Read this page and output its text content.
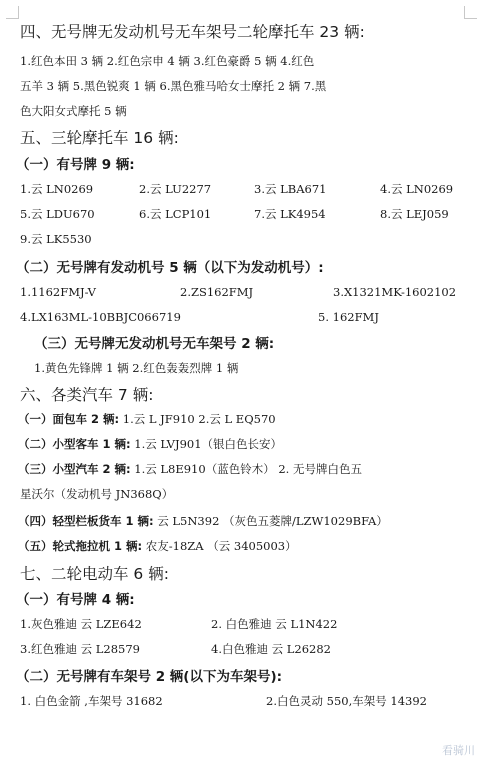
四、无号牌无发动机号无车架号二轮摩托车 23 辆:
1.红色本田 3 辆 2.红色宗申 4 辆 3.红色豪爵 5 辆 4.红色
五羊 3 辆 5.黑色锐爽 1 辆 6.黑色雅马哈女士摩托 2 辆 7.黑
色大阳女式摩托 5 辆
五、三轮摩托车 16 辆:
（一）有号牌 9 辆:
1.云 LN0269	2.云 LU2277	3.云 LBA671	4.云 LN0269
5.云 LDU670	6.云 LCP101	7.云 LK4954	8.云 LEJ059
9.云 LK5530
（二）无号牌有发动机号 5 辆（以下为发动机号）:
1.1162FMJ-V	2.ZS162FMJ	3.X1321MK-1602102
4.LX163ML-10BBJC066719	5. 162FMJ
（三）无号牌无发动机号无车架号 2 辆:
1.黄色先锋牌 1 辆 2.红色轰轰烈牌 1 辆
六、各类汽车 7 辆:
（一）面包车 2 辆: 1.云 L JF910 2.云 L EQ570
（二）小型客车 1 辆: 1.云 LVJ901（银白色长安）
（三）小型汽车 2 辆: 1.云 L8E910（蓝色铃木） 2. 无号牌白色五
星沃尔（发动机号 JN368Q）
（四）轻型栏板货车 1 辆: 云 L5N392 （灰色五菱牌/LZW1029BFA）
（五）轮式拖拉机 1 辆: 农友-18ZA （云 3405003）
七、二轮电动车 6 辆:
（一）有号牌 4 辆:
1.灰色雅迪 云 LZE642	2. 白色雅迪 云 L1N422
3.红色雅迪 云 L28579	4.白色雅迪 云 L26282
（二）无号牌有车架号 2 辆(以下为车架号):
1. 白色金箭 ,车架号 31682	2.白色灵动 550,车架号 14392
看骑川
